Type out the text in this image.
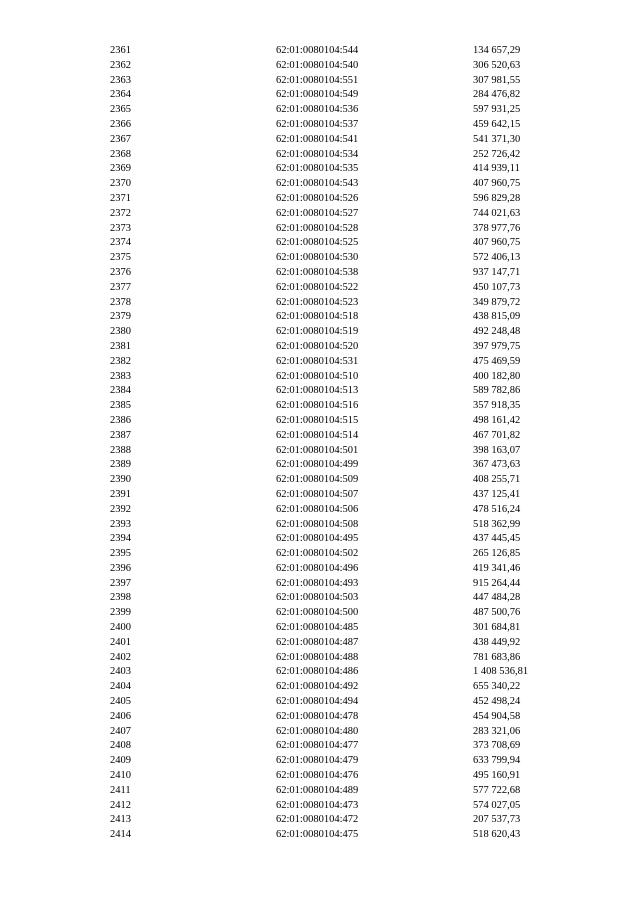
2361	62:01:0080104:544	134 657,29
2362	62:01:0080104:540	306 520,63
2363	62:01:0080104:551	307 981,55
2364	62:01:0080104:549	284 476,82
2365	62:01:0080104:536	597 931,25
2366	62:01:0080104:537	459 642,15
2367	62:01:0080104:541	541 371,30
2368	62:01:0080104:534	252 726,42
2369	62:01:0080104:535	414 939,11
2370	62:01:0080104:543	407 960,75
2371	62:01:0080104:526	596 829,28
2372	62:01:0080104:527	744 021,63
2373	62:01:0080104:528	378 977,76
2374	62:01:0080104:525	407 960,75
2375	62:01:0080104:530	572 406,13
2376	62:01:0080104:538	937 147,71
2377	62:01:0080104:522	450 107,73
2378	62:01:0080104:523	349 879,72
2379	62:01:0080104:518	438 815,09
2380	62:01:0080104:519	492 248,48
2381	62:01:0080104:520	397 979,75
2382	62:01:0080104:531	475 469,59
2383	62:01:0080104:510	400 182,80
2384	62:01:0080104:513	589 782,86
2385	62:01:0080104:516	357 918,35
2386	62:01:0080104:515	498 161,42
2387	62:01:0080104:514	467 701,82
2388	62:01:0080104:501	398 163,07
2389	62:01:0080104:499	367 473,63
2390	62:01:0080104:509	408 255,71
2391	62:01:0080104:507	437 125,41
2392	62:01:0080104:506	478 516,24
2393	62:01:0080104:508	518 362,99
2394	62:01:0080104:495	437 445,45
2395	62:01:0080104:502	265 126,85
2396	62:01:0080104:496	419 341,46
2397	62:01:0080104:493	915 264,44
2398	62:01:0080104:503	447 484,28
2399	62:01:0080104:500	487 500,76
2400	62:01:0080104:485	301 684,81
2401	62:01:0080104:487	438 449,92
2402	62:01:0080104:488	781 683,86
2403	62:01:0080104:486	1 408 536,81
2404	62:01:0080104:492	655 340,22
2405	62:01:0080104:494	452 498,24
2406	62:01:0080104:478	454 904,58
2407	62:01:0080104:480	283 321,06
2408	62:01:0080104:477	373 708,69
2409	62:01:0080104:479	633 799,94
2410	62:01:0080104:476	495 160,91
2411	62:01:0080104:489	577 722,68
2412	62:01:0080104:473	574 027,05
2413	62:01:0080104:472	207 537,73
2414	62:01:0080104:475	518 620,43
